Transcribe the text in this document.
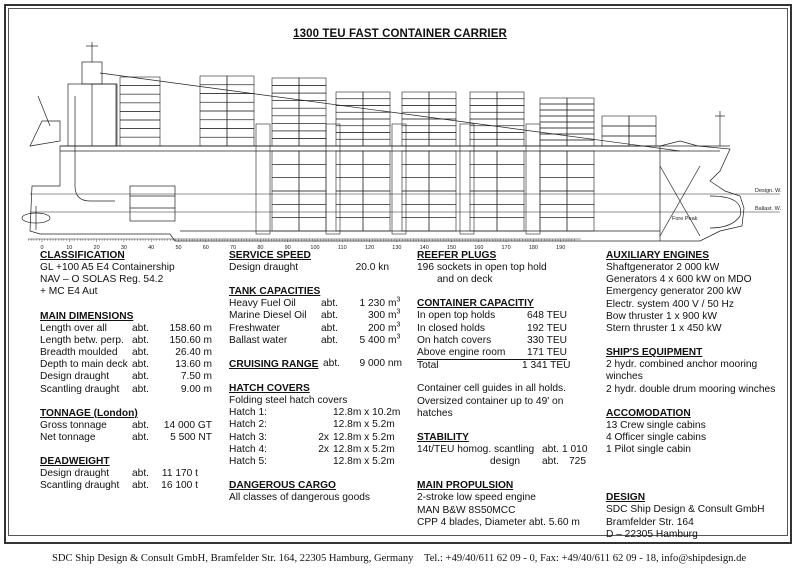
1300 TEU FAST CONTAINER CARRIER
0	10	20	30	40	50	60	70	80	90	100	110	120	130	140	150	160	170	180	190
Design. W.
Ballast. W.
Fore Peak
CLASSIFICATION
GL +100 A5 E4 Containership
NAV – O SOLAS Reg. 54.2
+ MC E4 Aut
MAIN DIMENSIONS
Length over all	abt.	158.60 m
Length betw. perp. abt.	150.60 m
Breadth moulded	abt.	26.40 m
Depth to main deck abt.	13.60 m
Design draught	abt.	7.50 m
Scantling draught	abt.	9.00 m
TONNAGE (London)
Gross tonnage	abt.	14 000 GT
Net tonnage	abt.	5 500 NT
DEADWEIGHT
Design draught	abt.	11 170 t
Scantling draught	abt.	16 100 t
SERVICE SPEED
Design draught	20.0 kn
TANK CAPACITIES
Heavy Fuel Oil	abt.	1 230 $m^3$
Marine Diesel Oil	abt.	300 $m^3$
Freshwater	abt.	200 $m^3$
Ballast water	abt.	5 400 $m^3$
CRUISING RANGE abt.	9 000 nm
HATCH COVERS
Folding steel hatch covers
Hatch 1:	12.8m x 10.2m
Hatch 2:	12.8m x 5.2m
Hatch 3:	2x 12.8m x 5.2m
Hatch 4:	2x 12.8m x 5.2m
Hatch 5:	12.8m x 5.2m
DANGEROUS CARGO
All classes of dangerous goods
REEFER PLUGS
196 sockets in open top hold
and on deck
CONTAINER CAPACITIY
In open top holds	648 TEU
In closed holds	192 TEU
On hatch covers	330 TEU
Above engine room	171 TEU
Total	1 341 TEU
Container cell guides in all holds.
Oversized container up to 49' on
hatches
STABILITY
14t/TEU homog. scantling abt. 1 010
design	abt. 725
MAIN PROPULSION
2-stroke low speed engine
MAN B&W 8S50MCC
CPP 4 blades, Diameter abt. 5.60 m
AUXILIARY ENGINES
Shaftgenerator 2 000 kW
Generators 4 x 600 kW on MDO
Emergency generator 200 kW
Electr. system 400 V / 50 Hz
Bow thruster 1 x 900 kW
Stern thruster 1 x 450 kW
SHIP'S EQUIPMENT
2 hydr. combined anchor mooring
winches
2 hydr. double drum mooring winches
ACCOMODATION
13 Crew single cabins
4 Officer single cabins
1 Pilot single cabin
DESIGN
SDC Ship Design & Consult GmbH
Bramfelder Str. 164
D – 22305 Hamburg
SDC Ship Design & Consult GmbH, Bramfelder Str. 164, 22305 Hamburg, Germany Tel.: +49/40/611 62 09 - 0, Fax: +49/40/611 62 09 - 18, info@shipdesign.de
